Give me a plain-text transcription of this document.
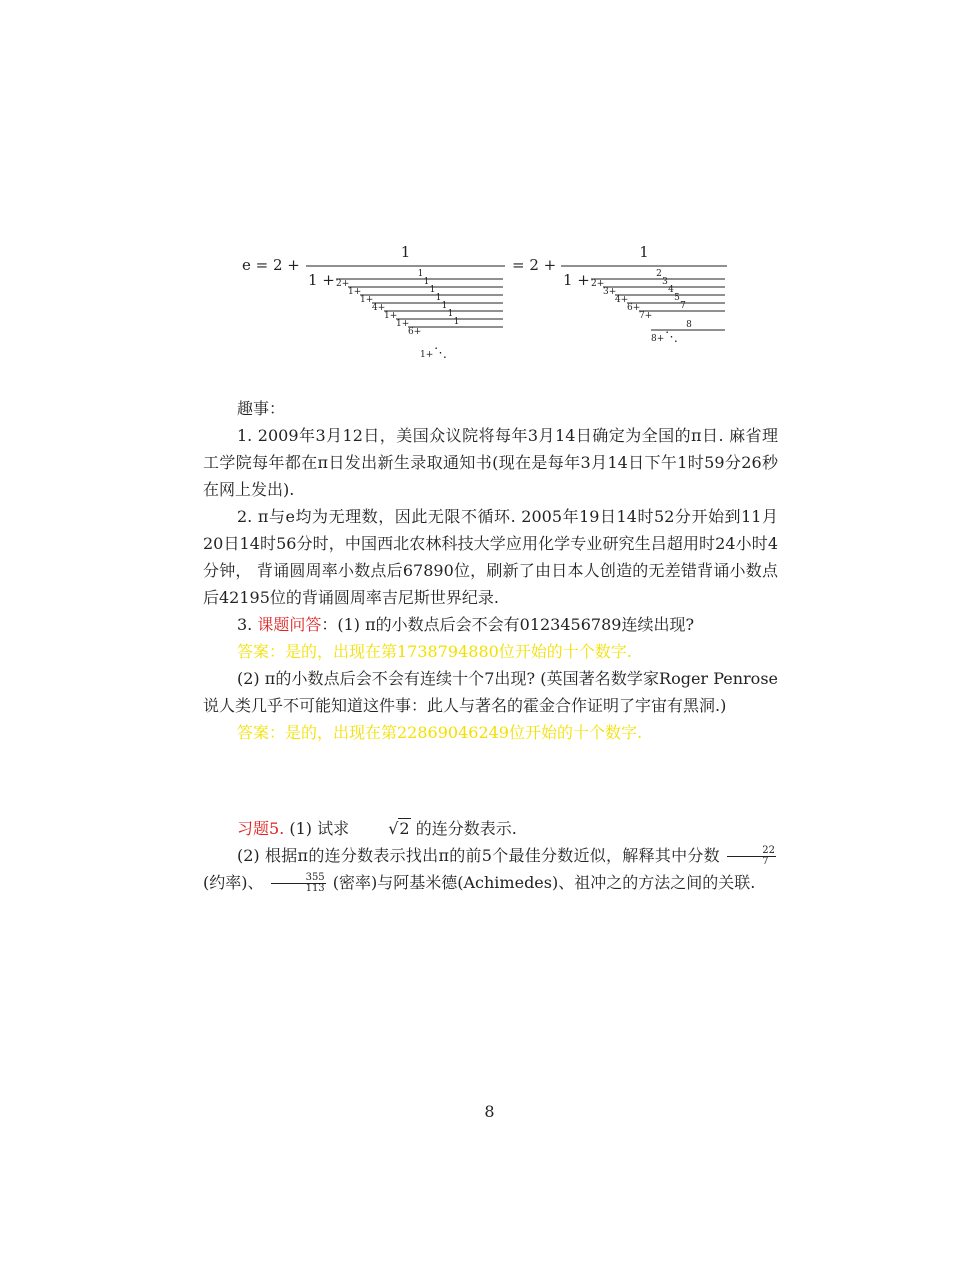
e = 2 +
1
1 +	1
2+	1
1+	1
1+	1
4+	1
1+	1
1+	1
6+
1+ ⋱
= 2 +
1
1 +	2
2+	3
3+	4
4+	5
6+	7
7+
8
8+ ⋱

趣事：

1. 2009年3月12日，美国众议院将每年3月14日确定为全国的π日. 麻省理工学院每年都在π日发出新生录取通知书(现在是每年3月14日下午1时59分26秒在网上发出).

2. π与e均为无理数，因此无限不循环. 2005年19日14时52分开始到11月20日14时56分时，中国西北农林科技大学应用化学专业研究生吕超用时24小时4分钟， 背诵圆周率小数点后67890位，刷新了由日本人创造的无差错背诵小数点后42195位的背诵圆周率吉尼斯世界纪录.

3. 课题问答：(1) π的小数点后会不会有0123456789连续出现?

答案：是的，出现在第1738794880位开始的十个数字.

(2) π的小数点后会不会有连续十个7出现? (英国著名数学家Roger Penrose说人类几乎不可能知道这件事：此人与著名的霍金合作证明了宇宙有黑洞.)

答案：是的，出现在第22869046249位开始的十个数字.

习题5. (1) 试求 √2 的连分数表示.

(2) 根据π的连分数表示找出π的前5个最佳分数近似，解释其中分数 $\frac{22}{7}$
(约率)、 $\frac{355}{113}$ (密率)与阿基米德(Achimedes)、祖冲之的方法之间的关联.

8
